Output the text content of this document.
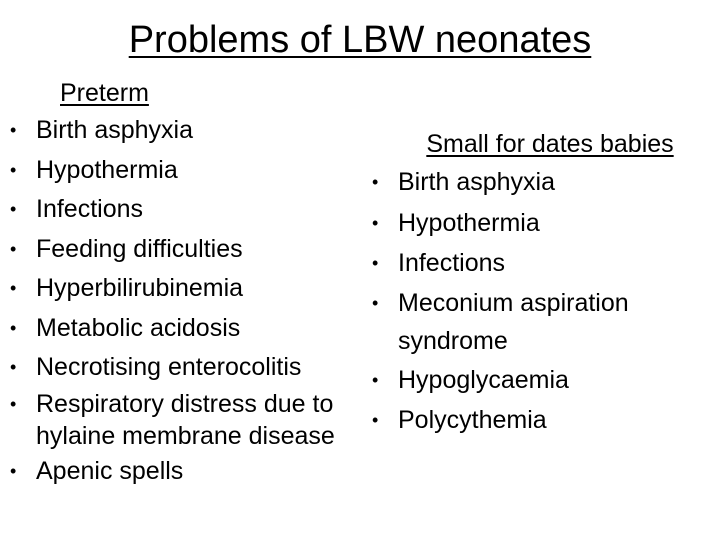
Problems of LBW neonates
Preterm
• Birth asphyxia
• Hypothermia
• Infections
• Feeding difficulties
• Hyperbilirubinemia
• Metabolic acidosis
• Necrotising enterocolitis
• Respiratory distress due to hylaine membrane disease
• Apenic spells
Small for dates babies
• Birth asphyxia
• Hypothermia
• Infections
• Meconium aspiration syndrome
• Hypoglycaemia
• Polycythemia
